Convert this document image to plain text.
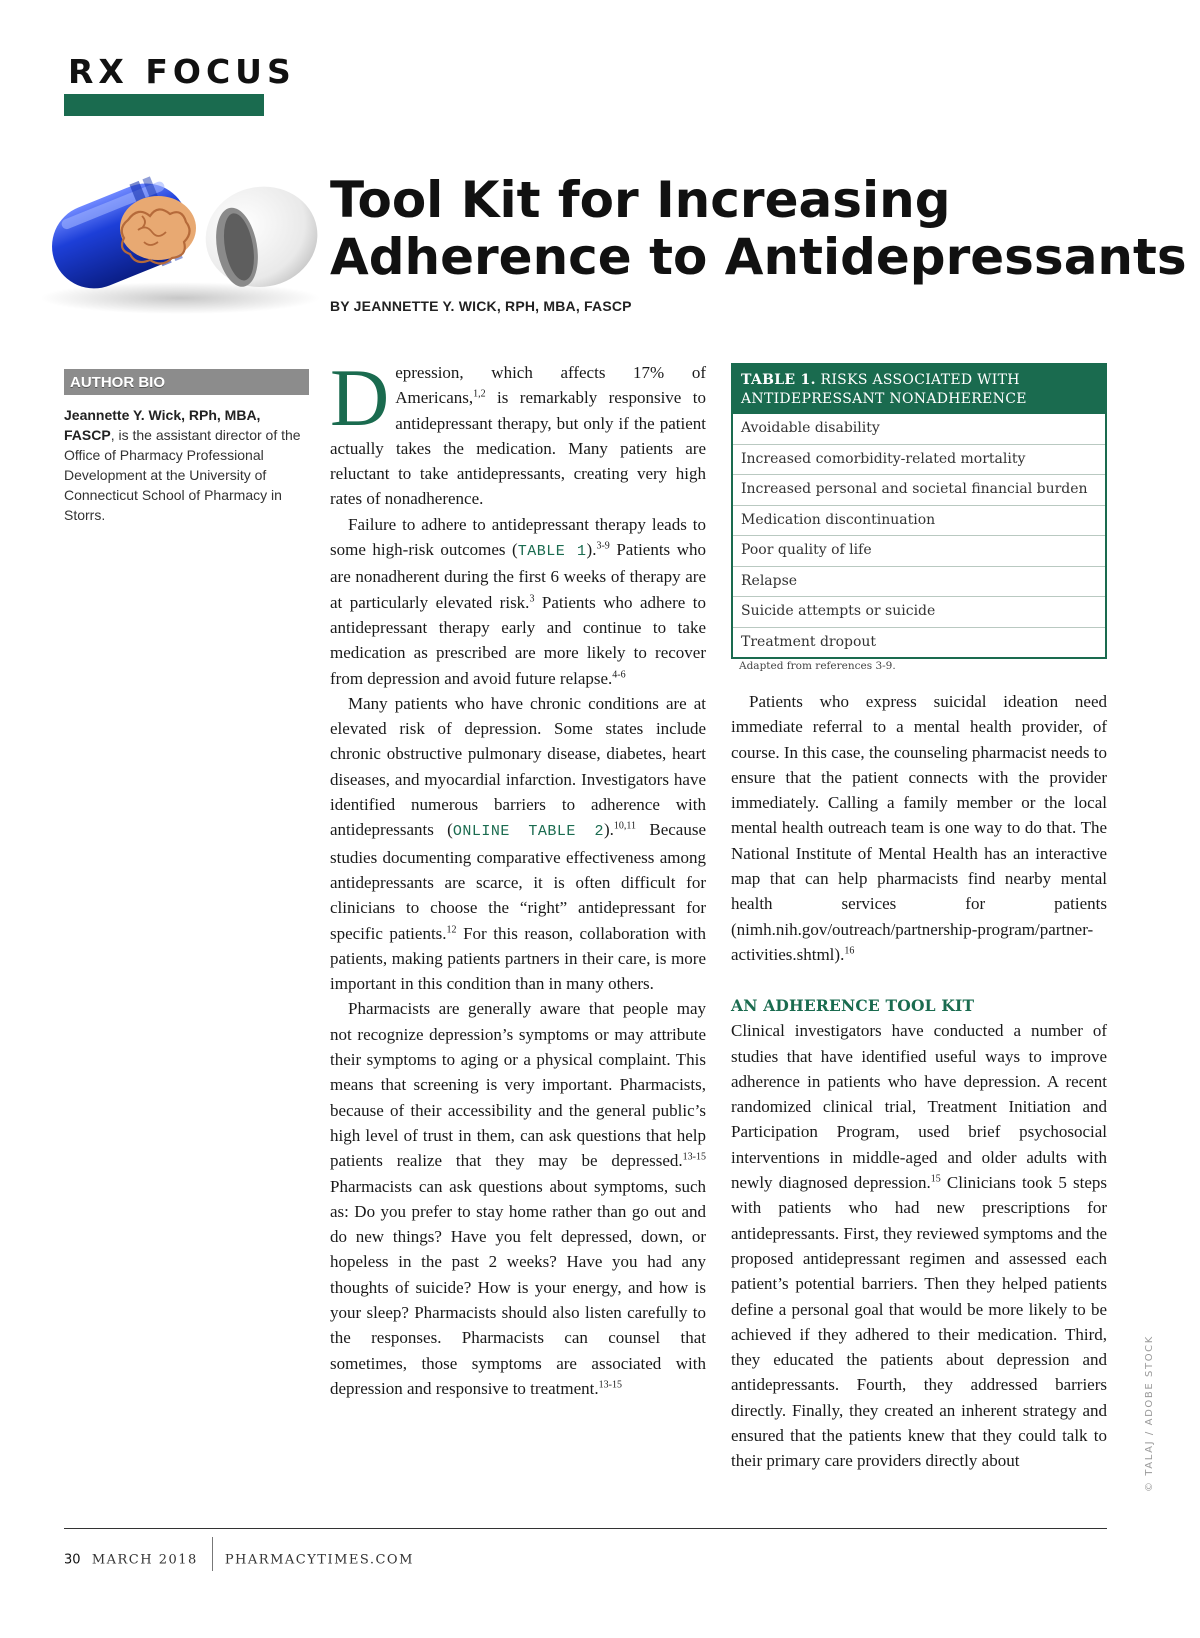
RX FOCUS
Tool Kit for Increasing
Adherence to Antidepressants
BY JEANNETTE Y. WICK, RPH, MBA, FASCP
AUTHOR BIO
Jeannette Y. Wick, RPh, MBA, FASCP, is the assistant director of the Office of Pharmacy Professional Development at the University of Connecticut School of Pharmacy in Storrs.

Depression, which affects 17% of Americans,$^{1,2}$ is remarkably responsive to antidepressant therapy, but only if the patient actually takes the medication. Many patients are reluctant to take antidepressants, creating very high rates of nonadherence.

Failure to adhere to antidepressant therapy leads to some high-risk outcomes (TABLE 1).$^{3-9}$ Patients who are nonadherent during the first 6 weeks of therapy are at particularly elevated risk.$^3$ Patients who adhere to antidepressant therapy early and continue to take medication as prescribed are more likely to recover from depression and avoid future relapse.$^{4-6}$

Many patients who have chronic conditions are at elevated risk of depression. Some states include chronic obstructive pulmonary disease, diabetes, heart diseases, and myocardial infarction. Investigators have identified numerous barriers to adherence with antidepressants (ONLINE TABLE 2).$^{10,11}$ Because studies documenting comparative effectiveness among antidepressants are scarce, it is often difficult for clinicians to choose the “right” antidepressant for specific patients.$^{12}$ For this reason, collaboration with patients, making patients partners in their care, is more important in this condition than in many others.

Pharmacists are generally aware that people may not recognize depression’s symptoms or may attribute their symptoms to aging or a physical complaint. This means that screening is very important. Pharmacists, because of their accessibility and the general public’s high level of trust in them, can ask questions that help patients realize that they may be depressed.$^{13-15}$ Pharmacists can ask questions about symptoms, such as: Do you prefer to stay home rather than go out and do new things? Have you felt depressed, down, or hopeless in the past 2 weeks? Have you had any thoughts of suicide? How is your energy, and how is your sleep? Pharmacists should also listen carefully to the responses. Pharmacists can counsel that sometimes, those symptoms are associated with depression and responsive to treatment.$^{13-15}$

TABLE 1. RISKS ASSOCIATED WITH ANTIDEPRESSANT NONADHERENCE
Avoidable disability
Increased comorbidity-related mortality
Increased personal and societal financial burden
Medication discontinuation
Poor quality of life
Relapse
Suicide attempts or suicide
Treatment dropout
Adapted from references 3-9.

Patients who express suicidal ideation need immediate referral to a mental health provider, of course. In this case, the counseling pharmacist needs to ensure that the patient connects with the provider immediately. Calling a family member or the local mental health outreach team is one way to do that. The National Institute of Mental Health has an interactive map that can help pharmacists find nearby mental health services for patients (nimh.nih.gov/outreach/partnership-program/partner-activities.shtml).$^{16}$

AN ADHERENCE TOOL KIT

Clinical investigators have conducted a number of studies that have identified useful ways to improve adherence in patients who have depression. A recent randomized clinical trial, Treatment Initiation and Participation Program, used brief psychosocial interventions in middle-aged and older adults with newly diagnosed depression.$^{15}$ Clinicians took 5 steps with patients who had new prescriptions for antidepressants. First, they reviewed symptoms and the proposed antidepressant regimen and assessed each patient’s potential barriers. Then they helped patients define a personal goal that would be more likely to be achieved if they adhered to their medication. Third, they educated the patients about depression and antidepressants. Fourth, they addressed barriers directly. Finally, they created an inherent strategy and ensured that the patients knew that they could talk to their primary care providers directly about	© TALAJ / ADOBE STOCK
30 MARCH 2018 PHARMACYTIMES.COM
